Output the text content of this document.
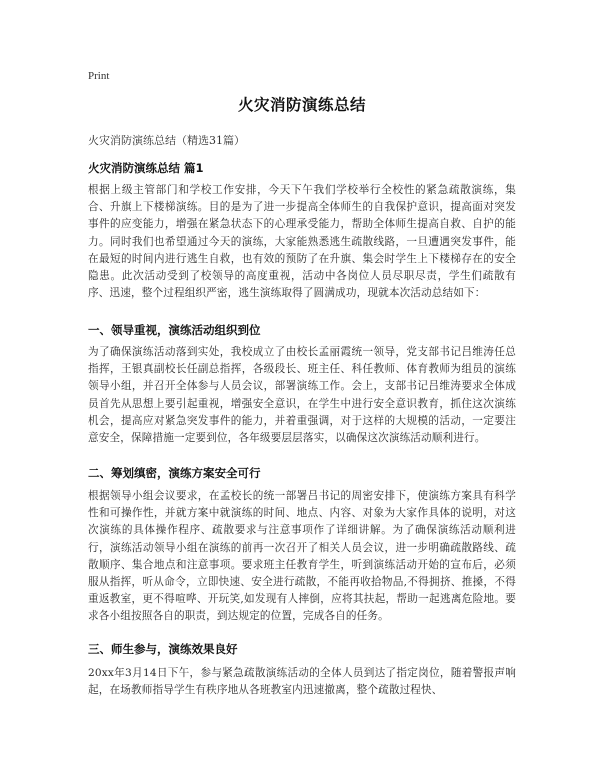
Print
火灾消防演练总结
火灾消防演练总结（精选31篇）
火灾消防演练总结 篇1
根据上级主管部门和学校工作安排，今天下午我们学校举行全校性的紧急疏散演练，集合、升旗上下楼梯演练。目的是为了进一步提高全体师生的自我保护意识，提高面对突发事件的应变能力，增强在紧急状态下的心理承受能力，帮助全体师生提高自救、自护的能力。同时我们也希望通过今天的演练，大家能熟悉逃生疏散线路，一旦遭遇突发事件，能在最短的时间内进行逃生自救，也有效的预防了在升旗、集会时学生上下楼梯存在的安全隐患。此次活动受到了校领导的高度重视，活动中各岗位人员尽职尽责，学生们疏散有序、迅速，整个过程组织严密，逃生演练取得了圆满成功，现就本次活动总结如下：
一、领导重视，演练活动组织到位
为了确保演练活动落到实处，我校成立了由校长孟丽霞统一领导，党支部书记吕维涛任总指挥，王银真副校长任副总指挥，各级段长、班主任、科任教师、体育教师为组员的演练领导小组，并召开全体参与人员会议，部署演练工作。会上，支部书记吕维涛要求全体成员首先从思想上要引起重视，增强安全意识，在学生中进行安全意识教育，抓住这次演练机会，提高应对紧急突发事件的能力，并着重强调，对于这样的大规模的活动，一定要注意安全，保障措施一定要到位，各年级要层层落实，以确保这次演练活动顺利进行。
二、筹划缜密，演练方案安全可行
根据领导小组会议要求，在孟校长的统一部署吕书记的周密安排下，使演练方案具有科学性和可操作性，并就方案中就演练的时间、地点、内容、对象为大家作具体的说明，对这次演练的具体操作程序、疏散要求与注意事项作了详细讲解。为了确保演练活动顺利进行，演练活动领导小组在演练的前再一次召开了相关人员会议，进一步明确疏散路线、疏散顺序、集合地点和注意事项。要求班主任教育学生，听到演练活动开始的宣布后，必须服从指挥，听从命令，立即快速、安全进行疏散，不能再收拾物品,不得拥挤、推搡，不得重返教室，更不得喧哗、开玩笑,如发现有人摔倒，应将其扶起，帮助一起逃离危险地。要求各小组按照各自的职责，到达规定的位置，完成各自的任务。
三、师生参与，演练效果良好
20xx年3月14日下午，参与紧急疏散演练活动的全体人员到达了指定岗位，随着警报声响起，在场教师指导学生有秩序地从各班教室内迅速撤离，整个疏散过程快、
